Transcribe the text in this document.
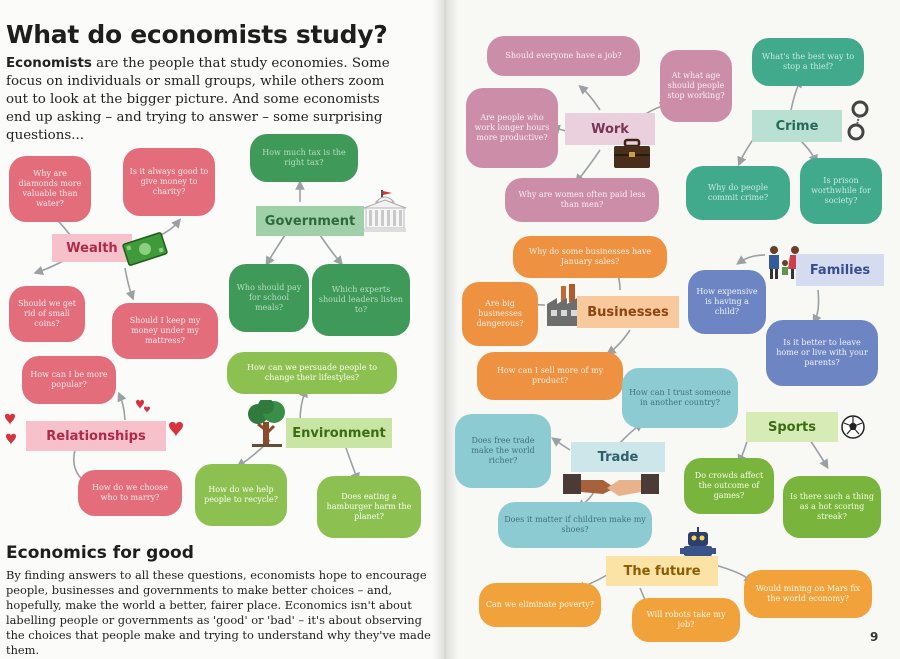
What do economists study?
Economists are the people that study economies. Some focus on individuals or small groups, while others zoom out to look at the bigger picture. And some economists end up asking – and trying to answer – some surprising questions...
Economics for good
By finding answers to all these questions, economists hope to encourage people, businesses and governments to make better choices – and, hopefully, make the world a better, fairer place. Economics isn't about labelling people or governments as 'good' or 'bad' – it's about observing the choices that people make and trying to understand why they've made them.
Why are diamonds more valuable than water?
Is it always good to give money to charity?
Wealth
Should we get rid of small coins?	Should I keep my money under my mattress?
How much tax is the right tax?
Government
Who should pay for school meals?
Which experts should leaders listen to?
How can I be more popular?
Relationships
How do we choose who to marry?
How can we persuade people to change their lifestyles?
Environment
How do we help people to recycle?	Does eating a hamburger harm the planet?
Should everyone have a job?
At what age should people stop working?
Are people who work longer hours more productive?
Work
Why are women often paid less than men?
What's the best way to stop a thief?
Crime
Why do people commit crime?
Is prison worthwhile for society?
Why do some businesses have January sales?
Are big businesses dangerous?
Businesses
How can I sell more of my product?
Families
How expensive is having a child?
Is it better to leave home or live with your parents?
How can I trust someone in another country?
Does free trade make the world richer?	Trade
Does it matter if children make my shoes?
Sports
Do crowds affect the outcome of games?	Is there such a thing as a hot scoring streak?
The future
Can we eliminate poverty?
Will robots take my job?
Would mining on Mars fix the world economy?
9
